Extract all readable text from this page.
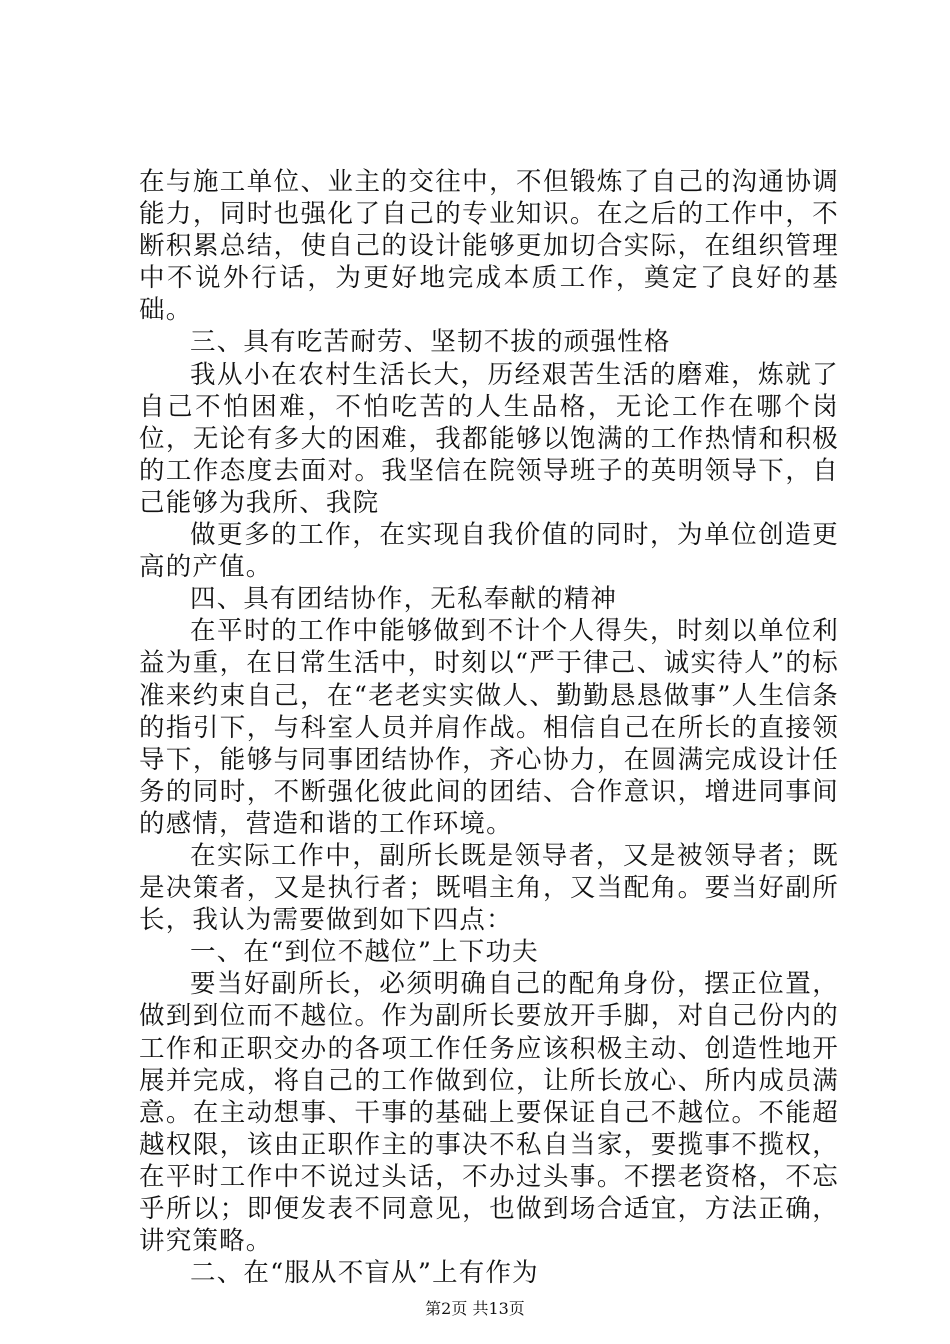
在与施工单位、业主的交往中，不但锻炼了自己的沟通协调能力，同时也强化了自己的专业知识。在之后的工作中，不断积累总结，使自己的设计能够更加切合实际，在组织管理中不说外行话，为更好地完成本质工作，奠定了良好的基础。

三、具有吃苦耐劳、坚韧不拔的顽强性格

我从小在农村生活长大，历经艰苦生活的磨难，炼就了自己不怕困难，不怕吃苦的人生品格，无论工作在哪个岗位，无论有多大的困难，我都能够以饱满的工作热情和积极的工作态度去面对。我坚信在院领导班子的英明领导下，自己能够为我所、我院

做更多的工作，在实现自我价值的同时，为单位创造更高的产值。

四、具有团结协作，无私奉献的精神

在平时的工作中能够做到不计个人得失，时刻以单位利益为重，在日常生活中，时刻以“严于律己、诚实待人”的标准来约束自己，在“老老实实做人、勤勤恳恳做事”人生信条的指引下，与科室人员并肩作战。相信自己在所长的直接领导下，能够与同事团结协作，齐心协力，在圆满完成设计任务的同时，不断强化彼此间的团结、合作意识，增进同事间的感情，营造和谐的工作环境。

在实际工作中，副所长既是领导者，又是被领导者；既是决策者，又是执行者；既唱主角，又当配角。要当好副所长，我认为需要做到如下四点：

一、在“到位不越位”上下功夫

要当好副所长，必须明确自己的配角身份，摆正位置，做到到位而不越位。作为副所长要放开手脚，对自己份内的工作和正职交办的各项工作任务应该积极主动、创造性地开展并完成，将自己的工作做到位，让所长放心、所内成员满意。在主动想事、干事的基础上要保证自己不越位。不能超越权限，该由正职作主的事决不私自当家，要揽事不揽权，在平时工作中不说过头话，不办过头事。不摆老资格，不忘乎所以；即便发表不同意见，也做到场合适宜，方法正确，讲究策略。

二、在“服从不盲从”上有作为

第2页 共13页
